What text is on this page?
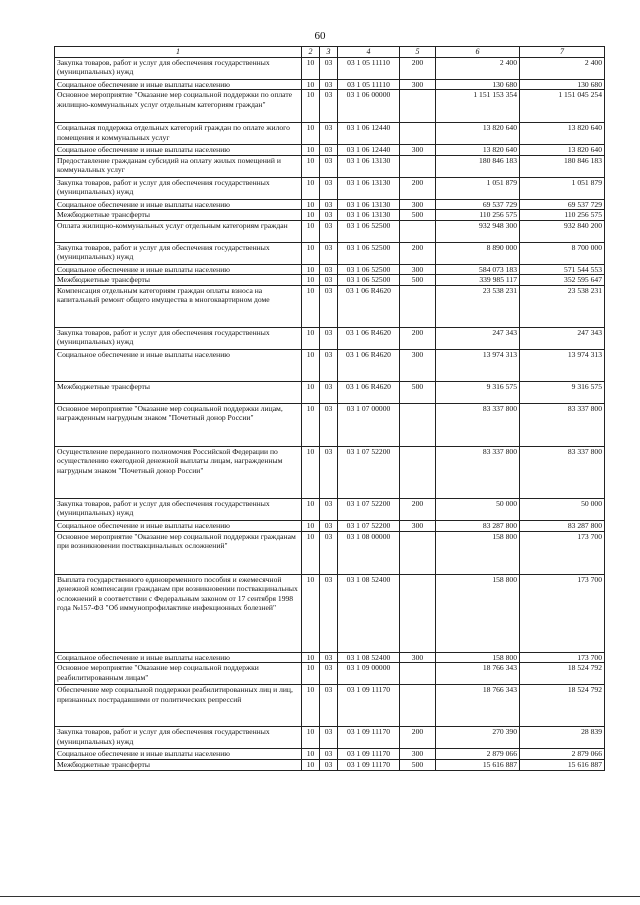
60
1	2	3	4	5	6	7
Закупка товаров, работ и услуг для обеспечения государственных (муниципальных) нужд	10	03	03 1 05 11110	200	2 400	2 400
Социальное обеспечение и иные выплаты населению	10	03	03 1 05 11110	300	130 680	130 680
Основное мероприятие "Оказание мер социальной поддержки по оплате жилищно-коммунальных услуг отдельным категориям граждан"	10	03	03 1 06 00000		1 151 153 354	1 151 045 254
Социальная поддержка отдельных категорий граждан по оплате жилого помещения и коммунальных услуг	10	03	03 1 06 12440		13 820 640	13 820 640
Социальное обеспечение и иные выплаты населению	10	03	03 1 06 12440	300	13 820 640	13 820 640
Предоставление гражданам субсидий на оплату жилых помещений и коммунальных услуг	10	03	03 1 06 13130		180 846 183	180 846 183
Закупка товаров, работ и услуг для обеспечения государственных (муниципальных) нужд	10	03	03 1 06 13130	200	1 051 879	1 051 879
Социальное обеспечение и иные выплаты населению	10	03	03 1 06 13130	300	69 537 729	69 537 729
Межбюджетные трансферты	10	03	03 1 06 13130	500	110 256 575	110 256 575
Оплата жилищно-коммунальных услуг отдельным категориям граждан	10	03	03 1 06 52500		932 948 300	932 840 200
Закупка товаров, работ и услуг для обеспечения государственных (муниципальных) нужд	10	03	03 1 06 52500	200	8 890 000	8 700 000
Социальное обеспечение и иные выплаты населению	10	03	03 1 06 52500	300	584 073 183	571 544 553
Межбюджетные трансферты	10	03	03 1 06 52500	500	339 985 117	352 595 647
Компенсация отдельным категориям граждан оплаты взноса на капитальный ремонт общего имущества в многоквартирном доме	10	03	03 1 06 R4620		23 538 231	23 538 231
Закупка товаров, работ и услуг для обеспечения государственных (муниципальных) нужд	10	03	03 1 06 R4620	200	247 343	247 343
Социальное обеспечение и иные выплаты населению	10	03	03 1 06 R4620	300	13 974 313	13 974 313
Межбюджетные трансферты	10	03	03 1 06 R4620	500	9 316 575	9 316 575
Основное мероприятие "Оказание мер социальной поддержки лицам, награжденным нагрудным знаком "Почетный донор России"	10	03	03 1 07 00000		83 337 800	83 337 800
Осуществление переданного полномочия Российской Федерации по осуществлению ежегодной денежной выплаты лицам, награжденным нагрудным знаком "Почетный донор России"	10	03	03 1 07 52200		83 337 800	83 337 800
Закупка товаров, работ и услуг для обеспечения государственных (муниципальных) нужд	10	03	03 1 07 52200	200	50 000	50 000
Социальное обеспечение и иные выплаты населению	10	03	03 1 07 52200	300	83 287 800	83 287 800
Основное мероприятие "Оказание мер социальной поддержки гражданам при возникновении поствакцинальных осложнений"	10	03	03 1 08 00000		158 800	173 700
Выплата государственного единовременного пособия и ежемесячной денежной компенсации гражданам при возникновении поствакцинальных осложнений в соответствии с Федеральным законом от 17 сентября 1998 года №157-ФЗ "Об иммунопрофилактике инфекционных болезней"	10	03	03 1 08 52400		158 800	173 700
Социальное обеспечение и иные выплаты населению	10	03	03 1 08 52400	300	158 800	173 700
Основное мероприятие "Оказание мер социальной поддержки реабилитированным лицам"	10	03	03 1 09 00000		18 766 343	18 524 792
Обеспечение мер социальной поддержки реабилитированных лиц и лиц, признанных пострадавшими от политических репрессий	10	03	03 1 09 11170		18 766 343	18 524 792
Закупка товаров, работ и услуг для обеспечения государственных (муниципальных) нужд	10	03	03 1 09 11170	200	270 390	28 839
Социальное обеспечение и иные выплаты населению	10	03	03 1 09 11170	300	2 879 066	2 879 066
Межбюджетные трансферты	10	03	03 1 09 11170	500	15 616 887	15 616 887
